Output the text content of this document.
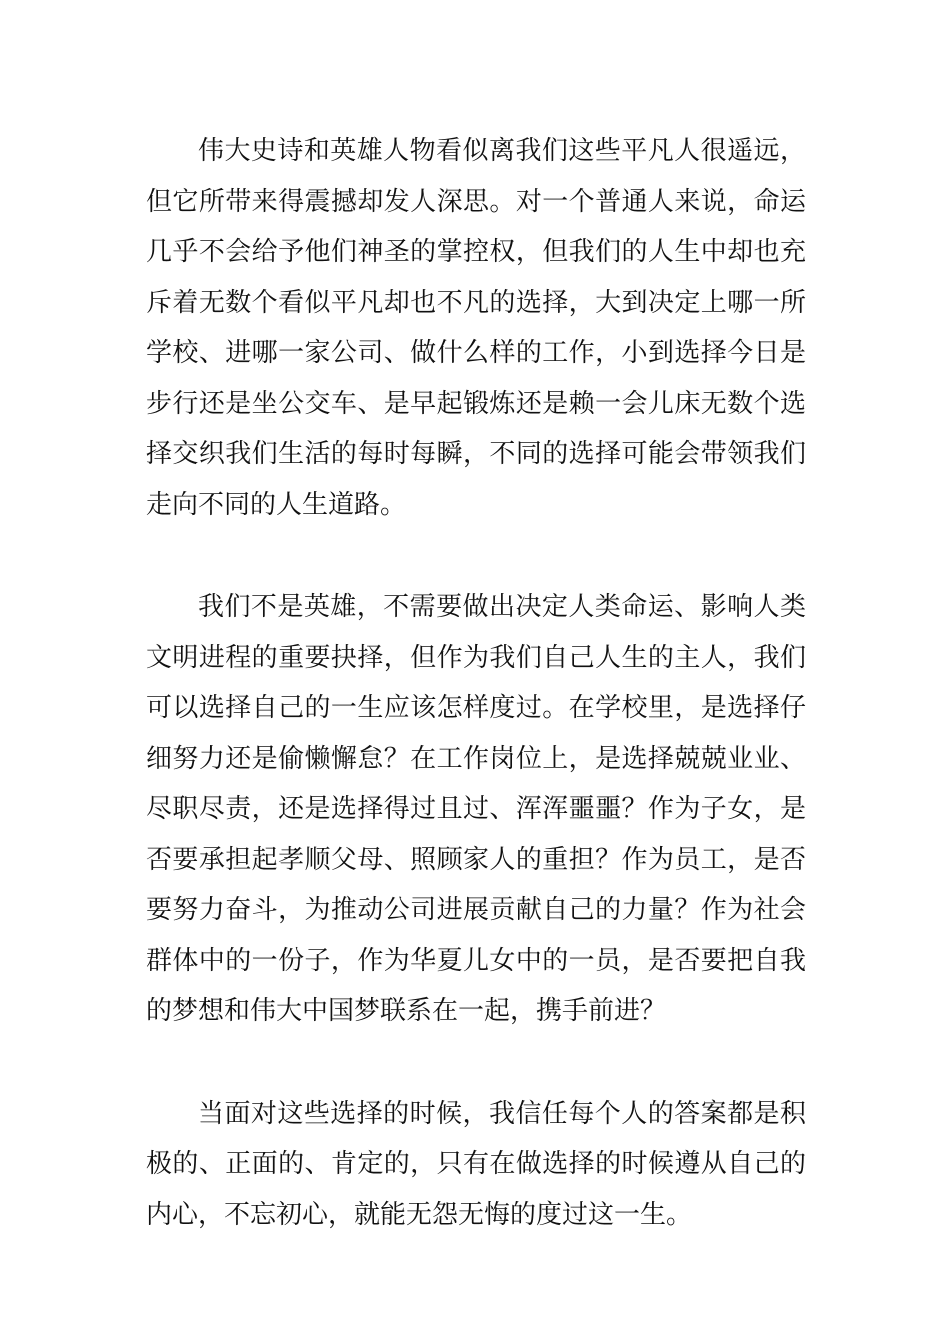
伟大史诗和英雄人物看似离我们这些平凡人很遥远，但它所带来得震撼却发人深思。对一个普通人来说，命运几乎不会给予他们神圣的掌控权，但我们的人生中却也充斥着无数个看似平凡却也不凡的选择，大到决定上哪一所学校、进哪一家公司、做什么样的工作，小到选择今日是步行还是坐公交车、是早起锻炼还是赖一会儿床无数个选择交织我们生活的每时每瞬，不同的选择可能会带领我们走向不同的人生道路。

我们不是英雄，不需要做出决定人类命运、影响人类文明进程的重要抉择，但作为我们自己人生的主人，我们可以选择自己的一生应该怎样度过。在学校里，是选择仔细努力还是偷懒懈怠？在工作岗位上，是选择兢兢业业、尽职尽责，还是选择得过且过、浑浑噩噩？作为子女，是否要承担起孝顺父母、照顾家人的重担？作为员工，是否要努力奋斗，为推动公司进展贡献自己的力量？作为社会群体中的一份子，作为华夏儿女中的一员，是否要把自我的梦想和伟大中国梦联系在一起，携手前进？

当面对这些选择的时候，我信任每个人的答案都是积极的、正面的、肯定的，只有在做选择的时候遵从自己的内心，不忘初心，就能无怨无悔的度过这一生。
